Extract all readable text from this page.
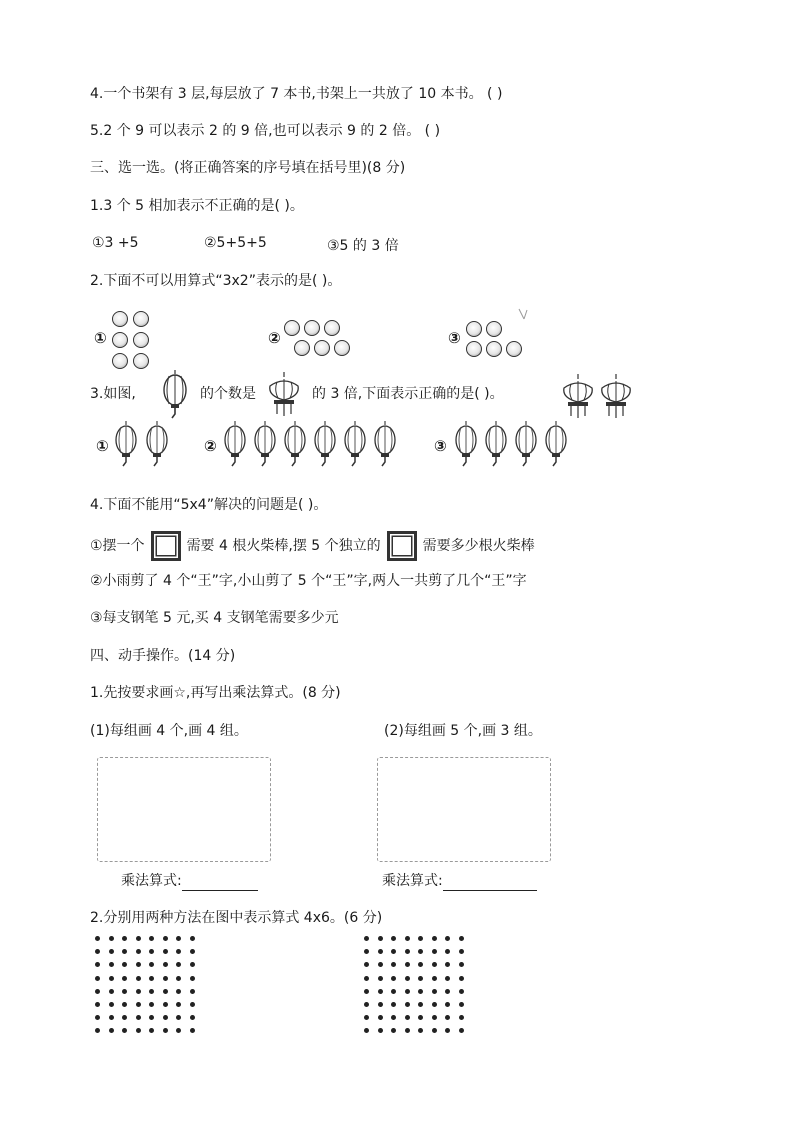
4.一个书架有 3 层,每层放了 7 本书,书架上一共放了 10 本书。 ( )
5.2 个 9 可以表示 2 的 9 倍,也可以表示 9 的 2 倍。 ( )
三、选一选。(将正确答案的序号填在括号里)(8 分)
1.3 个 5 相加表示不正确的是( )。
①3 +5	②5+5+5	③5 的 3 倍
2.下面不可以用算式“3x2”表示的是( )。
①	②	③
3.如图,	的个数是	的 3 倍,下面表示正确的是( )。
①	②	③
4.下面不能用“5x4”解决的问题是( )。
①摆一个	需要 4 根火柴棒,摆 5 个独立的	需要多少根火柴棒
②小雨剪了 4 个“王”字,小山剪了 5 个“王”字,两人一共剪了几个“王”字
③每支钢笔 5 元,买 4 支钢笔需要多少元
四、动手操作。(14 分)
1.先按要求画☆,再写出乘法算式。(8 分)
(1)每组画 4 个,画 4 组。	(2)每组画 5 个,画 3 组。
乘法算式:	乘法算式:
2.分别用两种方法在图中表示算式 4x6。(6 分)
